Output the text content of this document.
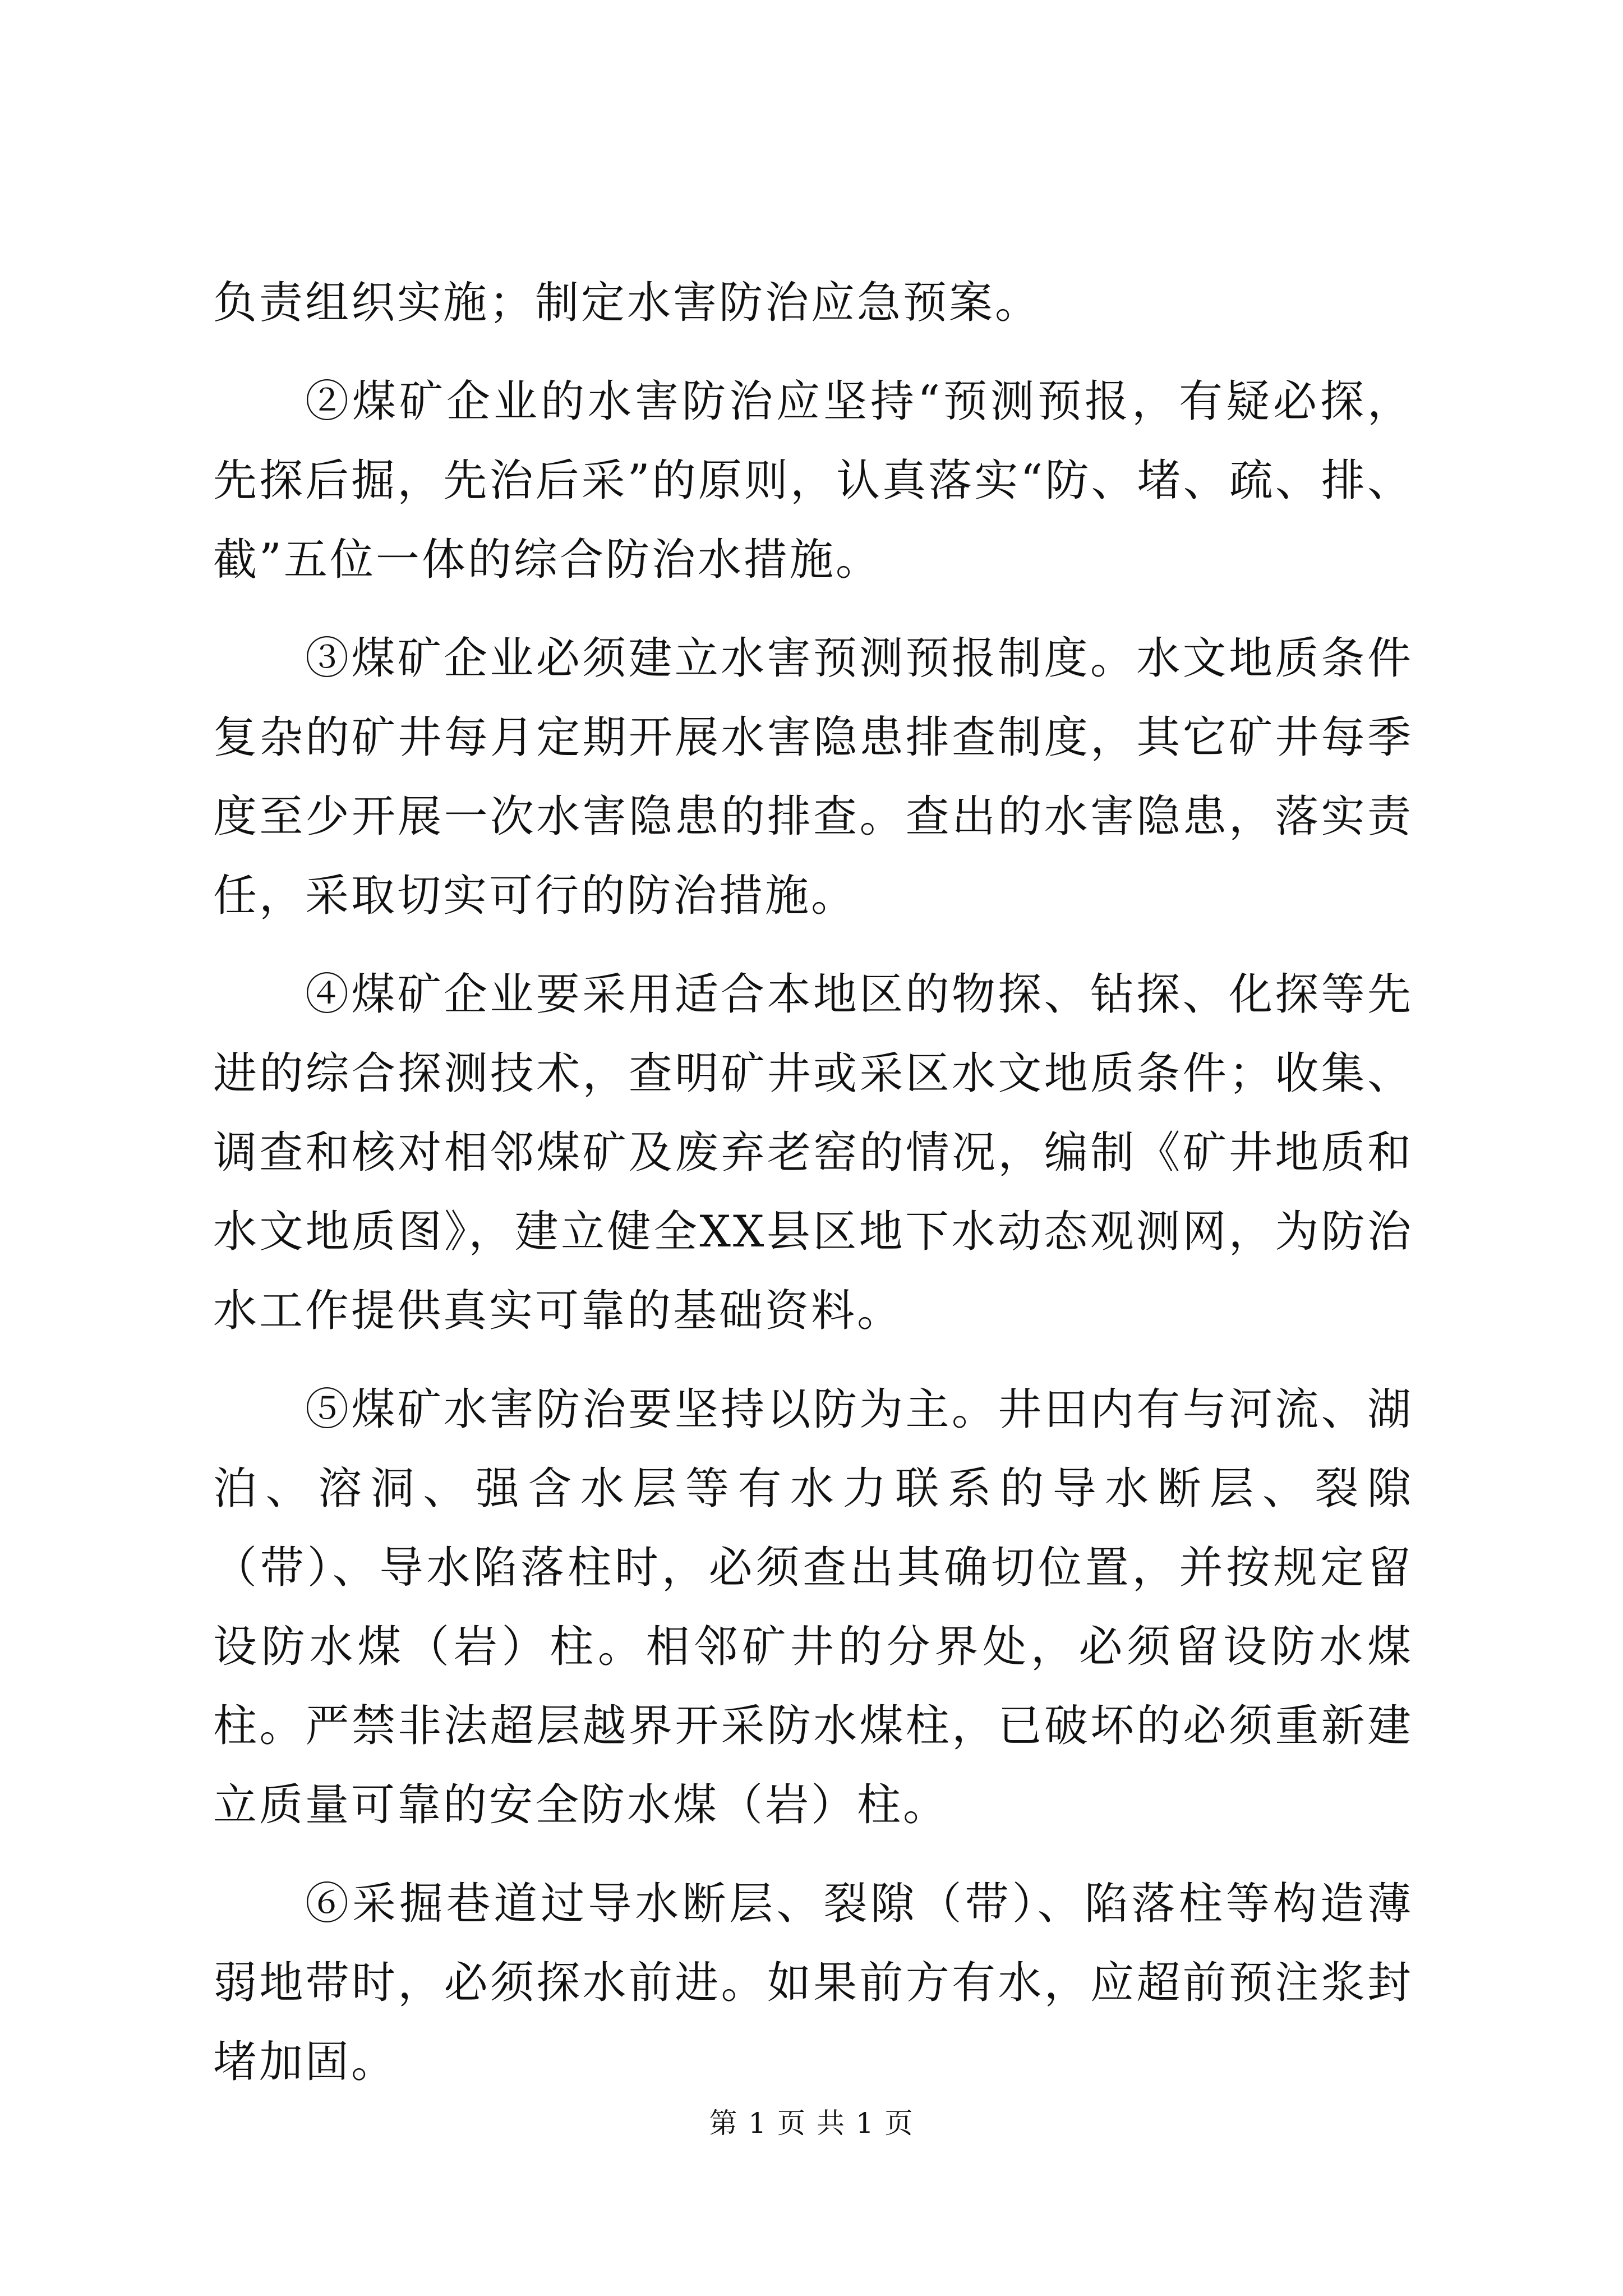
负责组织实施；制定水害防治应急预案。

②煤矿企业的水害防治应坚持“预测预报，有疑必探，先探后掘，先治后采”的原则，认真落实“防、堵、疏、排、截”五位一体的综合防治水措施。

③煤矿企业必须建立水害预测预报制度。水文地质条件复杂的矿井每月定期开展水害隐患排查制度，其它矿井每季度至少开展一次水害隐患的排查。查出的水害隐患，落实责任，采取切实可行的防治措施。

④煤矿企业要采用适合本地区的物探、钻探、化探等先进的综合探测技术，查明矿井或采区水文地质条件；收集、调查和核对相邻煤矿及废弃老窑的情况，编制《矿井地质和水文地质图》，建立健全XX县区地下水动态观测网，为防治水工作提供真实可靠的基础资料。

⑤煤矿水害防治要坚持以防为主。井田内有与河流、湖泊、溶洞、强含水层等有水力联系的导水断层、裂隙（带）、导水陷落柱时，必须查出其确切位置，并按规定留设防水煤（岩）柱。相邻矿井的分界处，必须留设防水煤柱。严禁非法超层越界开采防水煤柱，已破坏的必须重新建立质量可靠的安全防水煤（岩）柱。

⑥采掘巷道过导水断层、裂隙（带）、陷落柱等构造薄弱地带时，必须探水前进。如果前方有水，应超前预注浆封堵加固。

第 1 页 共 1 页
